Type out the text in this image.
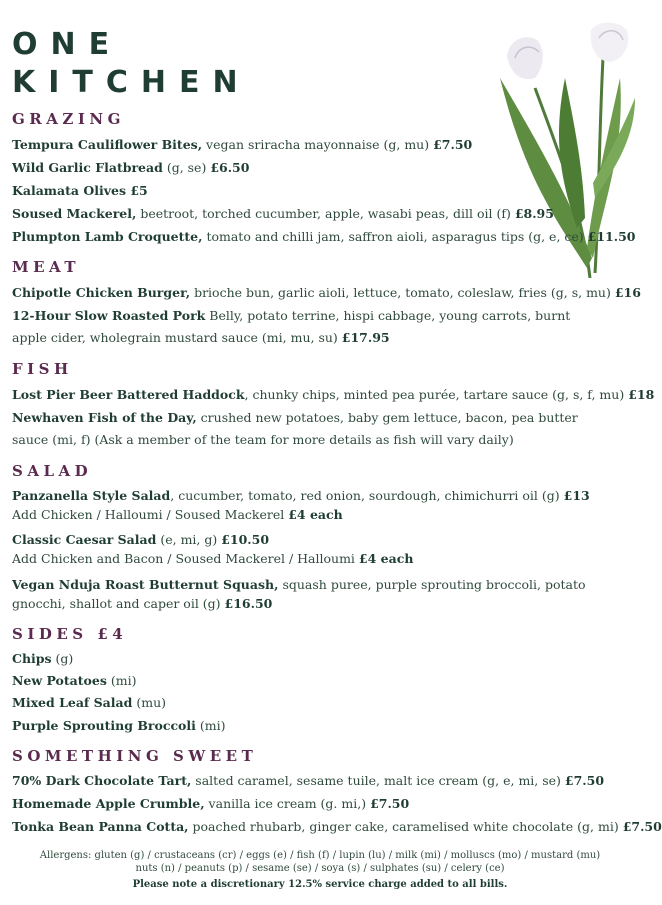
ONE
KITCHEN
GRAZING
Tempura Cauliflower Bites, vegan sriracha mayonnaise (g, mu) £7.50
Wild Garlic Flatbread (g, se) £6.50
Kalamata Olives £5
Soused Mackerel, beetroot, torched cucumber, apple, wasabi peas, dill oil (f) £8.95
Plumpton Lamb Croquette, tomato and chilli jam, saffron aioli, asparagus tips (g, e, ce) £11.50
MEAT
Chipotle Chicken Burger, brioche bun, garlic aioli, lettuce, tomato, coleslaw, fries (g, s, mu) £16
12-Hour Slow Roasted Pork Belly, potato terrine, hispi cabbage, young carrots, burnt apple cider, wholegrain mustard sauce (mi, mu, su) £17.95
FISH
Lost Pier Beer Battered Haddock, chunky chips, minted pea purée, tartare sauce (g, s, f, mu) £18
Newhaven Fish of the Day, crushed new potatoes, baby gem lettuce, bacon, pea butter sauce (mi, f) (Ask a member of the team for more details as fish will vary daily)
SALAD
Panzanella Style Salad, cucumber, tomato, red onion, sourdough, chimichurri oil (g) £13
Add Chicken / Halloumi / Soused Mackerel £4 each
Classic Caesar Salad (e, mi, g) £10.50
Add Chicken and Bacon / Soused Mackerel / Halloumi £4 each
Vegan Nduja Roast Butternut Squash, squash puree, purple sprouting broccoli, potato gnocchi, shallot and caper oil (g) £16.50
SIDES £4
Chips (g)
New Potatoes (mi)
Mixed Leaf Salad (mu)
Purple Sprouting Broccoli (mi)
SOMETHING SWEET
70% Dark Chocolate Tart, salted caramel, sesame tuile, malt ice cream (g, e, mi, se) £7.50
Homemade Apple Crumble, vanilla ice cream (g. mi,) £7.50
Tonka Bean Panna Cotta, poached rhubarb, ginger cake, caramelised white chocolate (g, mi) £7.50
Allergens: gluten (g) / crustaceans (cr) / eggs (e) / fish (f) / lupin (lu) / milk (mi) / molluscs (mo) / mustard (mu)
nuts (n) / peanuts (p) / sesame (se) / soya (s) / sulphates (su) / celery (ce)
Please note a discretionary 12.5% service charge added to all bills.
